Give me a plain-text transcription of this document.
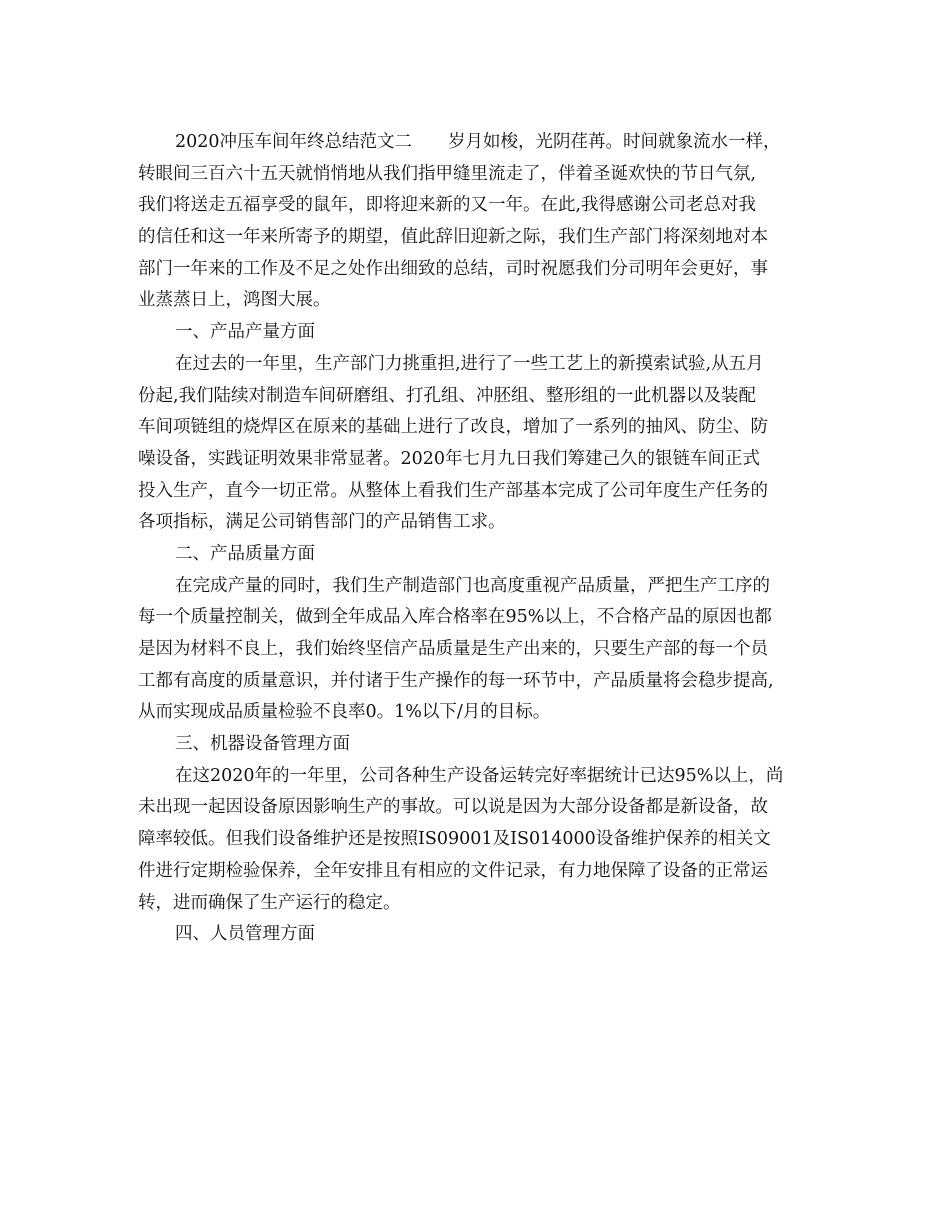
2020冲压车间年终总结范文二 岁月如梭，光阴荏苒。时间就象流水一样，
转眼间三百六十五天就悄悄地从我们指甲缝里流走了，伴着圣诞欢快的节日气氛,
我们将送走五福享受的鼠年，即将迎来新的又一年。在此,我得感谢公司老总对我
的信任和这一年来所寄予的期望，值此辞旧迎新之际，我们生产部门将深刻地对本
部门一年来的工作及不足之处作出细致的总结，司时祝愿我们分司明年会更好，事
业蒸蒸日上，鸿图大展。
一、产品产量方面
在过去的一年里，生产部门力挑重担,进行了一些工艺上的新摸索试验,从五月
份起,我们陆续对制造车间研磨组、打孔组、冲胚组、整形组的一此机器以及装配
车间项链组的烧焊区在原来的基础上进行了改良，增加了一系列的抽风、防尘、防
噪设备，实践证明效果非常显著。2020年七月九日我们筹建己久的银链车间正式
投入生产，直今一切正常。从整体上看我们生产部基本完成了公司年度生产任务的
各项指标，满足公司销售部门的产品销售工求。
二、产品质量方面
在完成产量的同时，我们生产制造部门也高度重视产品质量，严把生产工序的
每一个质量控制关，做到全年成品入库合格率在95%以上，不合格产品的原因也都
是因为材料不良上，我们始终坚信产品质量是生产出来的，只要生产部的每一个员
工都有高度的质量意识，并付诸于生产操作的每一环节中，产品质量将会稳步提高,
从而实现成品质量检验不良率0。1%以下/月的目标。
三、机器设备管理方面
在这2020年的一年里，公司各种生产设备运转完好率据统计已达95%以上，尚
未出现一起因设备原因影响生产的事故。可以说是因为大部分设备都是新设备，故
障率较低。但我们设备维护还是按照IS09001及IS014000设备维护保养的相关文
件进行定期检验保养，全年安排且有相应的文件记录，有力地保障了设备的正常运
转，进而确保了生产运行的稳定。
四、人员管理方面
